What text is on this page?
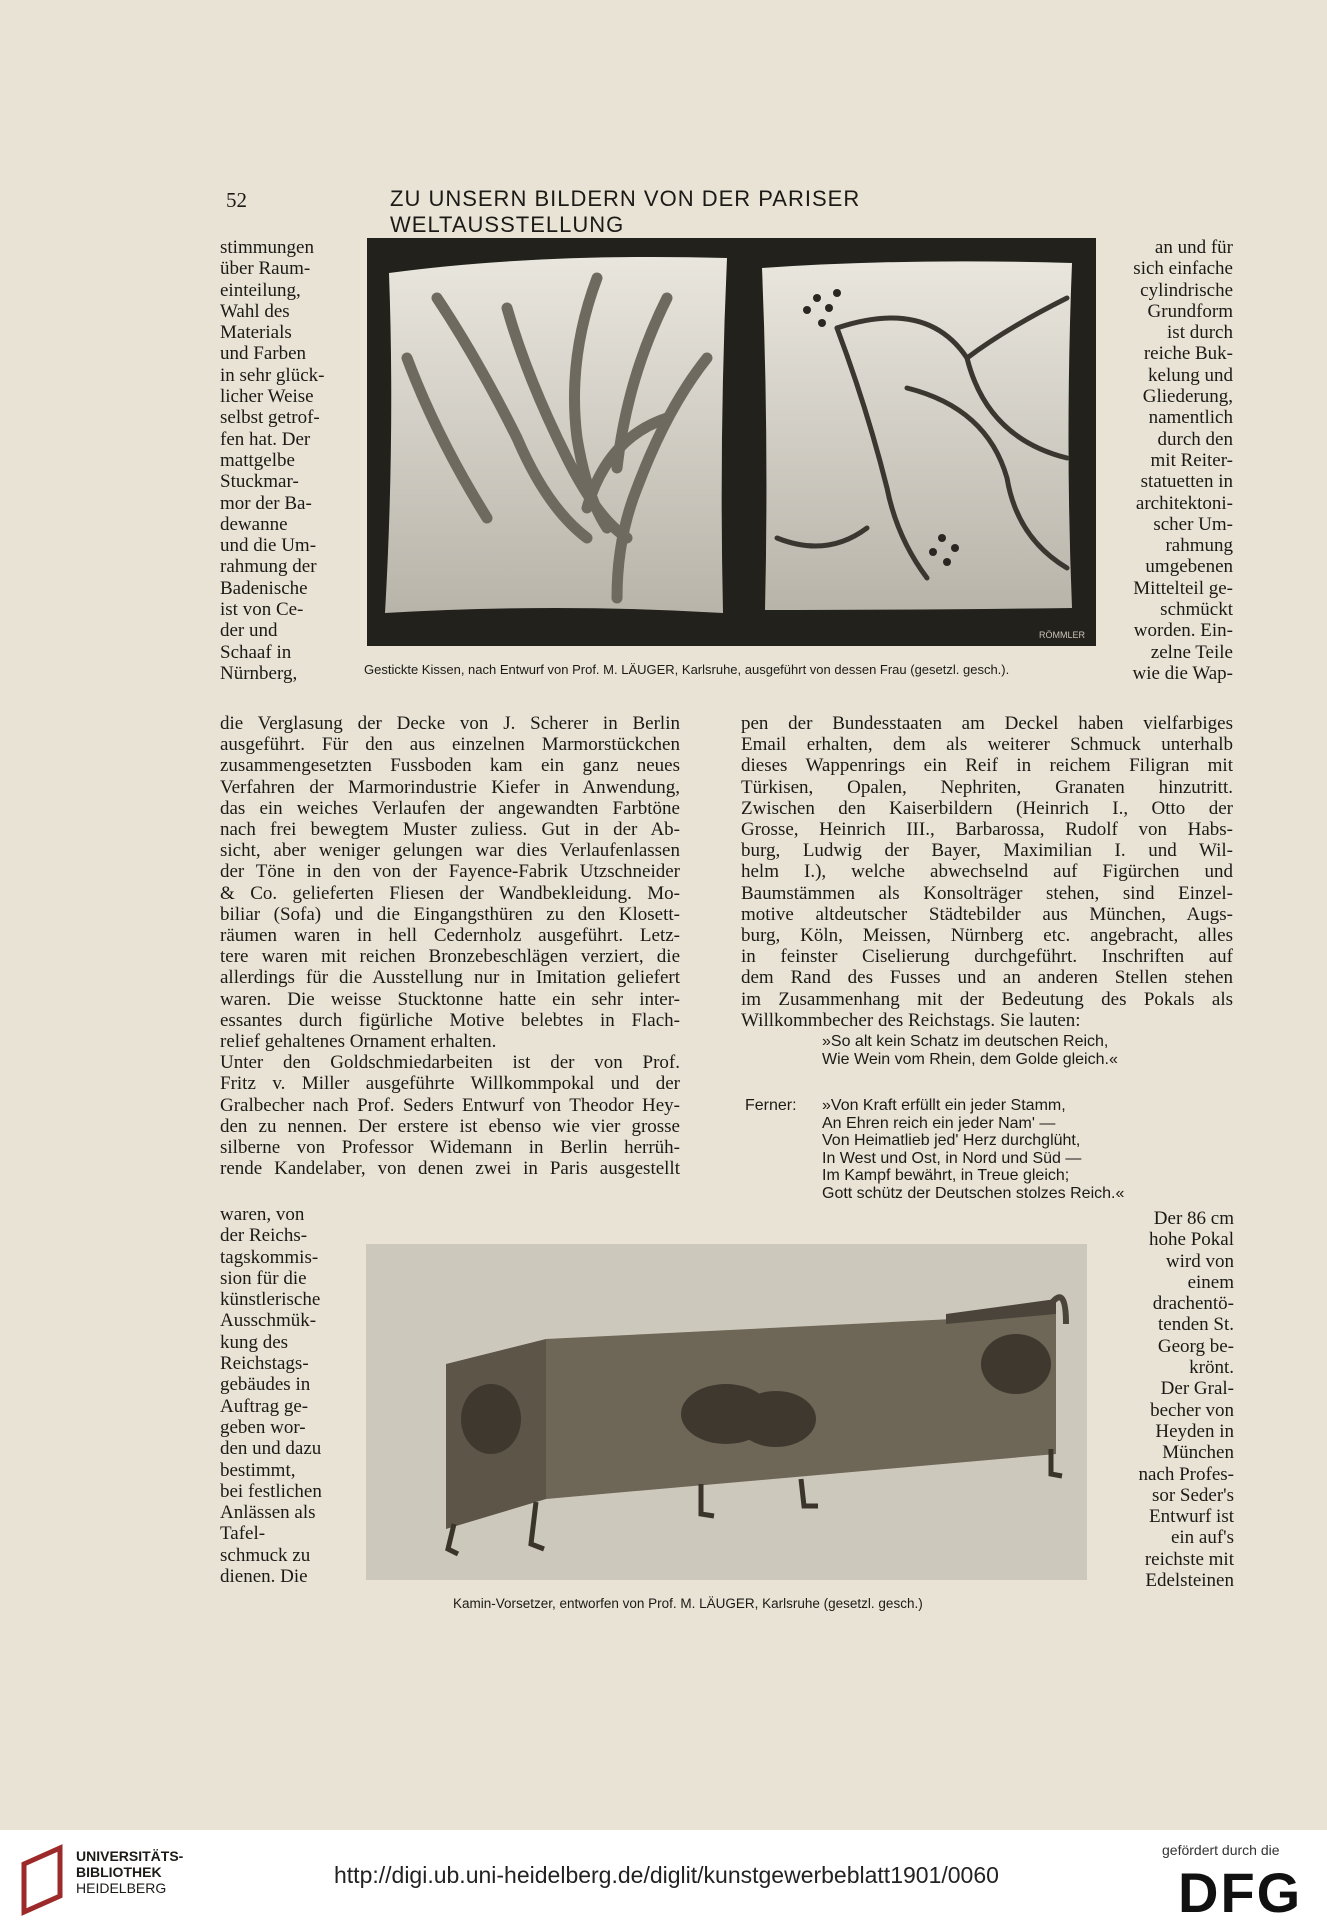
52	ZU UNSERN BILDERN VON DER PARISER WELTAUSSTELLUNG
stimmungen
über Raum-
einteilung,
Wahl des
Materials
und Farben
in sehr glück-
licher Weise
selbst getrof-
fen hat. Der
mattgelbe
Stuckmar-
mor der Ba-
dewanne
und die Um-
rahmung der
Badenische
ist von Ce-
der und
Schaaf in
Nürnberg,
an und für
sich einfache
cylindrische
Grundform
ist durch
reiche Buk-
kelung und
Gliederung,
namentlich
durch den
mit Reiter-
statuetten in
architektoni-
scher Um-
rahmung
umgebenen
Mittelteil ge-
schmückt
worden. Ein-
zelne Teile
wie die Wap-
RÖMMLER
Gestickte Kissen, nach Entwurf von Prof. M. LÄUGER, Karlsruhe, ausgeführt von dessen Frau (gesetzl. gesch.).
die Verglasung der Decke von J. Scherer in Berlin
ausgeführt. Für den aus einzelnen Marmorstückchen
zusammengesetzten Fussboden kam ein ganz neues
Verfahren der Marmorindustrie Kiefer in Anwendung,
das ein weiches Verlaufen der angewandten Farbtöne
nach frei bewegtem Muster zuliess. Gut in der Ab-
sicht, aber weniger gelungen war dies Verlaufenlassen
der Töne in den von der Fayence-Fabrik Utzschneider
& Co. gelieferten Fliesen der Wandbekleidung. Mo-
biliar (Sofa) und die Eingangsthüren zu den Klosett-
räumen waren in hell Cedernholz ausgeführt. Letz-
tere waren mit reichen Bronzebeschlägen verziert, die
allerdings für die Ausstellung nur in Imitation geliefert
waren. Die weisse Stucktonne hatte ein sehr inter-
essantes durch figürliche Motive belebtes in Flach-
relief gehaltenes Ornament erhalten.
Unter den Goldschmiedarbeiten ist der von Prof.
Fritz v. Miller ausgeführte Willkommpokal und der
Gralbecher nach Prof. Seders Entwurf von Theodor Hey-
den zu nennen. Der erstere ist ebenso wie vier grosse
silberne von Professor Widemann in Berlin herrüh-
rende Kandelaber, von denen zwei in Paris ausgestellt
pen der Bundesstaaten am Deckel haben vielfarbiges
Email erhalten, dem als weiterer Schmuck unterhalb
dieses Wappenrings ein Reif in reichem Filigran mit
Türkisen, Opalen, Nephriten, Granaten hinzutritt.
Zwischen den Kaiserbildern (Heinrich I., Otto der
Grosse, Heinrich III., Barbarossa, Rudolf von Habs-
burg, Ludwig der Bayer, Maximilian I. und Wil-
helm I.), welche abwechselnd auf Figürchen und
Baumstämmen als Konsolträger stehen, sind Einzel-
motive altdeutscher Städtebilder aus München, Augs-
burg, Köln, Meissen, Nürnberg etc. angebracht, alles
in feinster Ciselierung durchgeführt. Inschriften auf
dem Rand des Fusses und an anderen Stellen stehen
im Zusammenhang mit der Bedeutung des Pokals als
Willkommbecher des Reichstags. Sie lauten:
»So alt kein Schatz im deutschen Reich,
Wie Wein vom Rhein, dem Golde gleich.«
Ferner: »Von Kraft erfüllt ein jeder Stamm,
An Ehren reich ein jeder Nam' —
Von Heimatlieb jed' Herz durchglüht,
In West und Ost, in Nord und Süd —
Im Kampf bewährt, in Treue gleich;
Gott schütz der Deutschen stolzes Reich.«
waren, von
der Reichs-
tagskommis-
sion für die
künstlerische
Ausschmük-
kung des
Reichstags-
gebäudes in
Auftrag ge-
geben wor-
den und dazu
bestimmt,
bei festlichen
Anlässen als
Tafel-
schmuck zu
dienen. Die
Der 86 cm
hohe Pokal
wird von
einem
drachentö-
tenden St.
Georg be-
krönt.
Der Gral-
becher von
Heyden in
München
nach Profes-
sor Seder's
Entwurf ist
ein auf's
reichste mit
Edelsteinen
Kamin-Vorsetzer, entworfen von Prof. M. LÄUGER, Karlsruhe (gesetzl. gesch.)
UNIVERSITÄTS-
BIBLIOTHEK
HEIDELBERG	http://digi.ub.uni-heidelberg.de/diglit/kunstgewerbeblatt1901/0060
gefördert durch die
DFG
